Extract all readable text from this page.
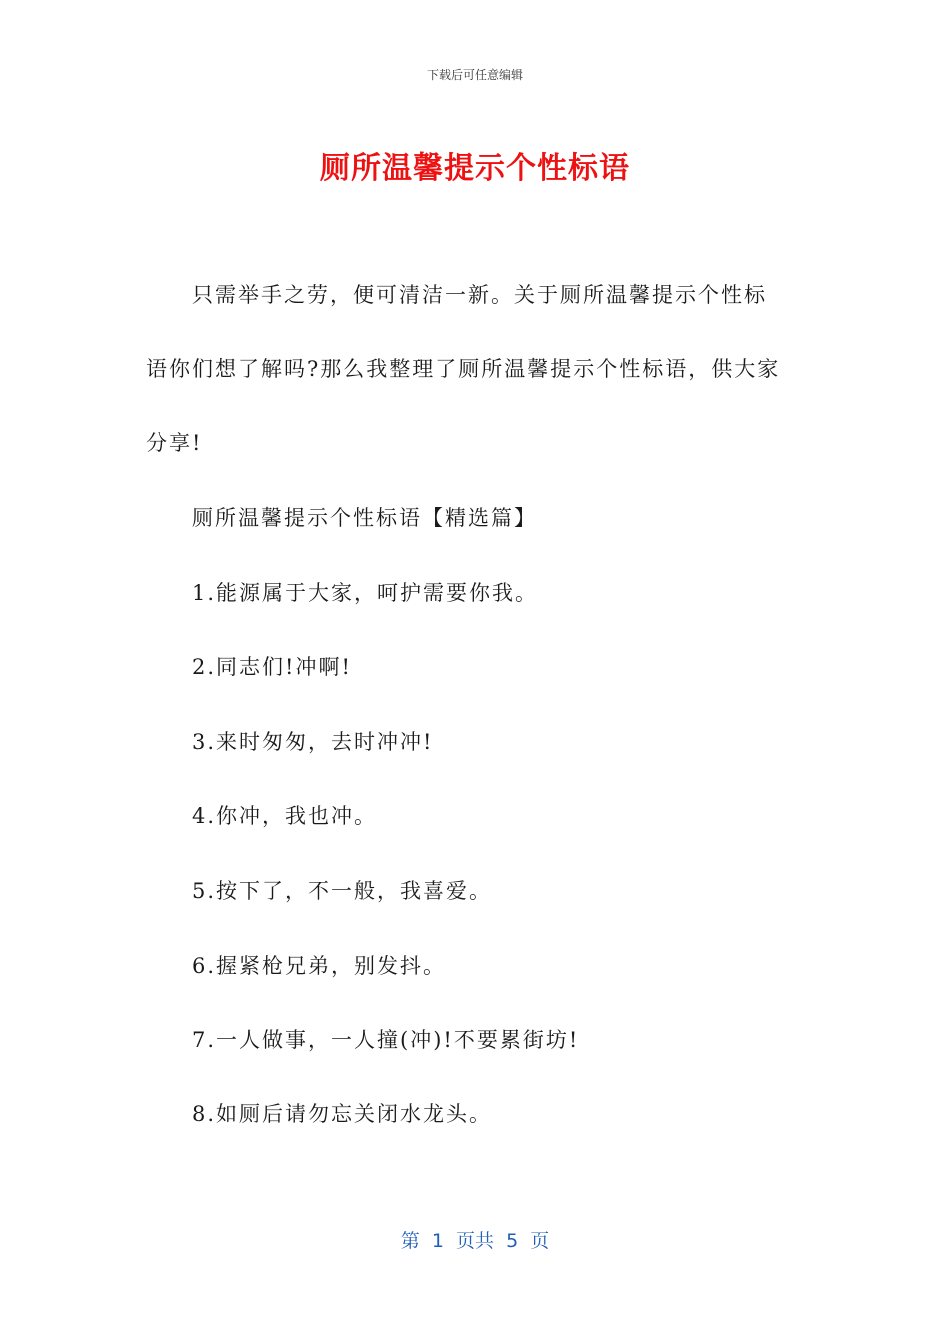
下载后可任意编辑
厕所温馨提示个性标语
只需举手之劳，便可清洁一新。关于厕所温馨提示个性标
语你们想了解吗?那么我整理了厕所温馨提示个性标语，供大家
分享!
厕所温馨提示个性标语【精选篇】
1.能源属于大家，呵护需要你我。
2.同志们!冲啊!
3.来时匆匆，去时冲冲!
4.你冲，我也冲。
5.按下了，不一般，我喜爱。
6.握紧枪兄弟，别发抖。
7.一人做事，一人撞(冲)!不要累街坊!
8.如厕后请勿忘关闭水龙头。
第  1  页共  5  页
